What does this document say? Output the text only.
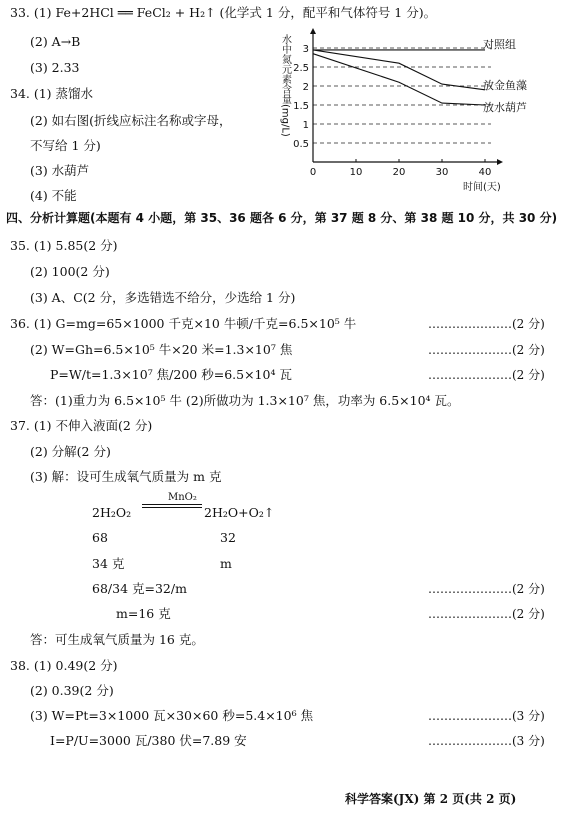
33. (1) Fe+2HCl ══ FeCl₂ + H₂↑ (化学式 1 分，配平和气体符号 1 分)。
(2) A→B
(3) 2.33
34. (1) 蒸馏水
(2) 如右图(折线应标注名称或字母，
不写给 1 分)
(3) 水葫芦
(4) 不能
0.5
1
1.5
2
2.5
3
0	10	20	30	40
对照组
放金鱼藻
放水葫芦
水中氮元素含量(mg/L)
时间(天)
四、分析计算题(本题有 4 小题，第 35、36 题各 6 分，第 37 题 8 分、第 38 题 10 分，共 30 分)
35. (1) 5.85(2 分)
(2) 100(2 分)
(3) A、C(2 分，多选错选不给分，少选给 1 分)
36. (1) G=mg=65×1000 千克×10 牛顿/千克=6.5×10⁵ 牛	…………………(2 分)
(2) W=Gh=6.5×10⁵ 牛×20 米=1.3×10⁷ 焦	…………………(2 分)
P=W/t=1.3×10⁷ 焦/200 秒=6.5×10⁴ 瓦	…………………(2 分)
答：(1)重力为 6.5×10⁵ 牛 (2)所做功为 1.3×10⁷ 焦，功率为 6.5×10⁴ 瓦。
37. (1) 不伸入液面(2 分)
(2) 分解(2 分)
(3) 解：设可生成氧气质量为 m 克
2H₂O₂
MnO₂
2H₂O+O₂↑
68	32
34 克	m
68/34 克=32/m	…………………(2 分)
m=16 克	…………………(2 分)
答：可生成氧气质量为 16 克。
38. (1) 0.49(2 分)
(2) 0.39(2 分)
(3) W=Pt=3×1000 瓦×30×60 秒=5.4×10⁶ 焦	…………………(3 分)
I=P/U=3000 瓦/380 伏=7.89 安	…………………(3 分)
科学答案(JX) 第 2 页(共 2 页)
